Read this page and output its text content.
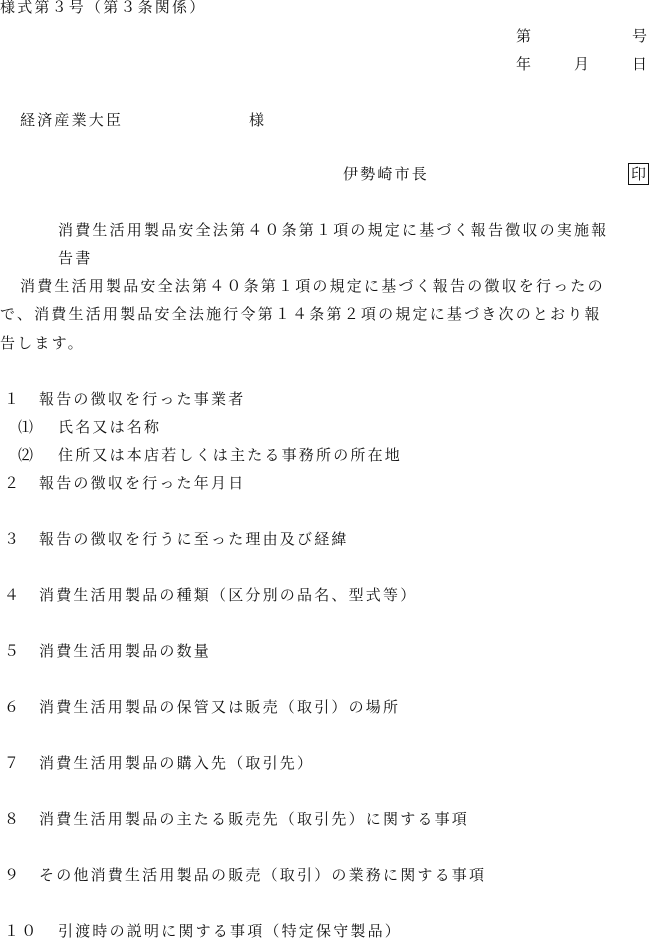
様式第３号（第３条関係）
第	号
年	月	日
経済産業大臣	様
伊勢崎市長	印
消費生活用製品安全法第４０条第１項の規定に基づく報告徴収の実施報
告書
消費生活用製品安全法第４０条第１項の規定に基づく報告の徴収を行ったの
で、消費生活用製品安全法施行令第１４条第２項の規定に基づき次のとおり報
告します。
１ 報告の徴収を行った事業者
⑴ 氏名又は名称
⑵ 住所又は本店若しくは主たる事務所の所在地
２ 報告の徴収を行った年月日
３ 報告の徴収を行うに至った理由及び経緯
４ 消費生活用製品の種類（区分別の品名、型式等）
５ 消費生活用製品の数量
６ 消費生活用製品の保管又は販売（取引）の場所
７ 消費生活用製品の購入先（取引先）
８ 消費生活用製品の主たる販売先（取引先）に関する事項
９ その他消費生活用製品の販売（取引）の業務に関する事項
１０ 引渡時の説明に関する事項（特定保守製品）
